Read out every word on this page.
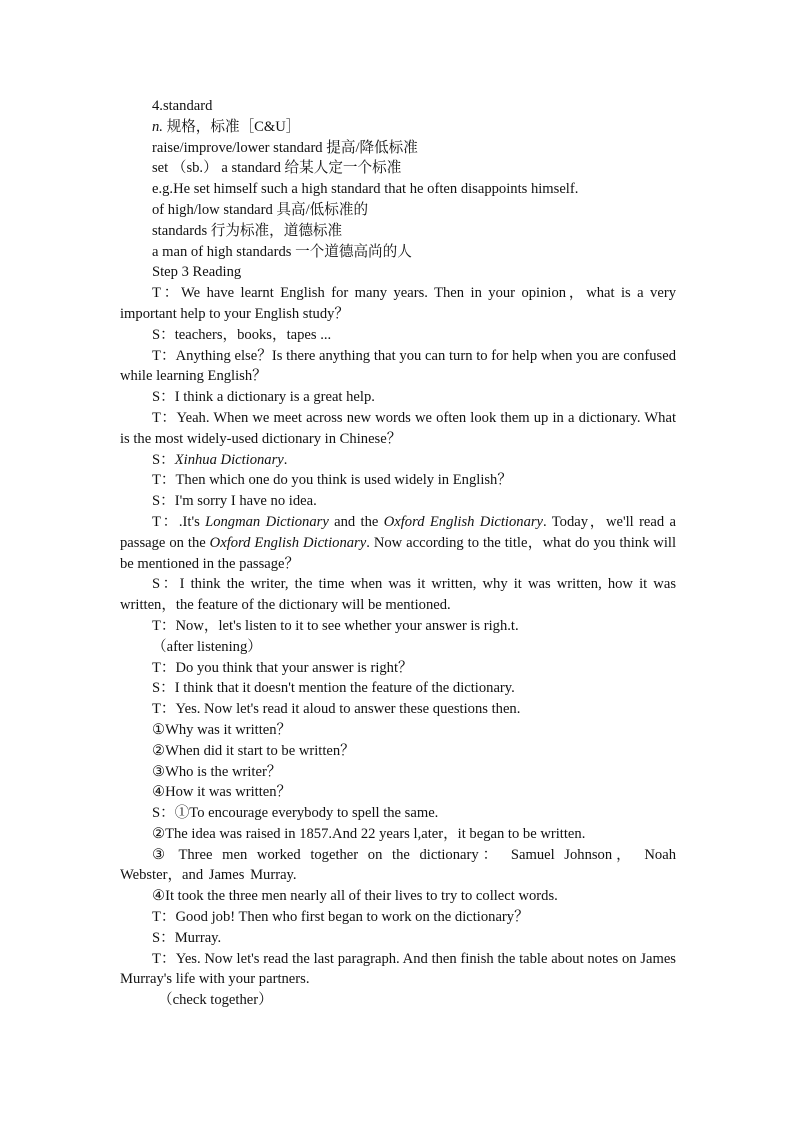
4.standard
n. 规格，标准［C&U］
raise/improve/lower standard 提高/降低标准
set （sb.） a standard 给某人定一个标准
e.g.He set himself such a high standard that he often disappoints himself.
of high/low standard 具高/低标准的
standards 行为标准，道德标准
a man of high standards 一个道德高尚的人
Step 3 Reading
T：We have learnt English for many years. Then in your opinion，what is a very important help to your English study？
S：teachers，books，tapes ...
T：Anything else？Is there anything that you can turn to for help when you are confused while learning English？
S：I think a dictionary is a great help.
T：Yeah. When we meet across new words we often look them up in a dictionary. What is the most widely-used dictionary in Chinese？
S：Xinhua Dictionary.
T：Then which one do you think is used widely in English？
S：I'm sorry I have no idea.
T：.It's Longman Dictionary and the Oxford English Dictionary. Today，we'll read a passage on the Oxford English Dictionary. Now according to the title，what do you think will be mentioned in the passage？
S：I think the writer, the time when was it written, why it was written, how it was written，the feature of the dictionary will be mentioned.
T：Now，let's listen to it to see whether your answer is righ.t.
（after listening）
T：Do you think that your answer is right？
S：I think that it doesn't mention the feature of the dictionary.
T：Yes. Now let's read it aloud to answer these questions then.
①Why was it written？
②When did it start to be written？
③Who is the writer？
④How it was written？
S：①To encourage everybody to spell the same.
②The idea was raised in 1857.And 22 years l,ater，it began to be written.
③ Three men worked together on the dictionary： Samuel Johnson， Noah Webster，and James Murray.
④It took the three men nearly all of their lives to try to collect words.
T：Good job! Then who first began to work on the dictionary？
S：Murray.
T：Yes. Now let's read the last paragraph. And then finish the table about notes on James Murray's life with your partners.
（check together）
